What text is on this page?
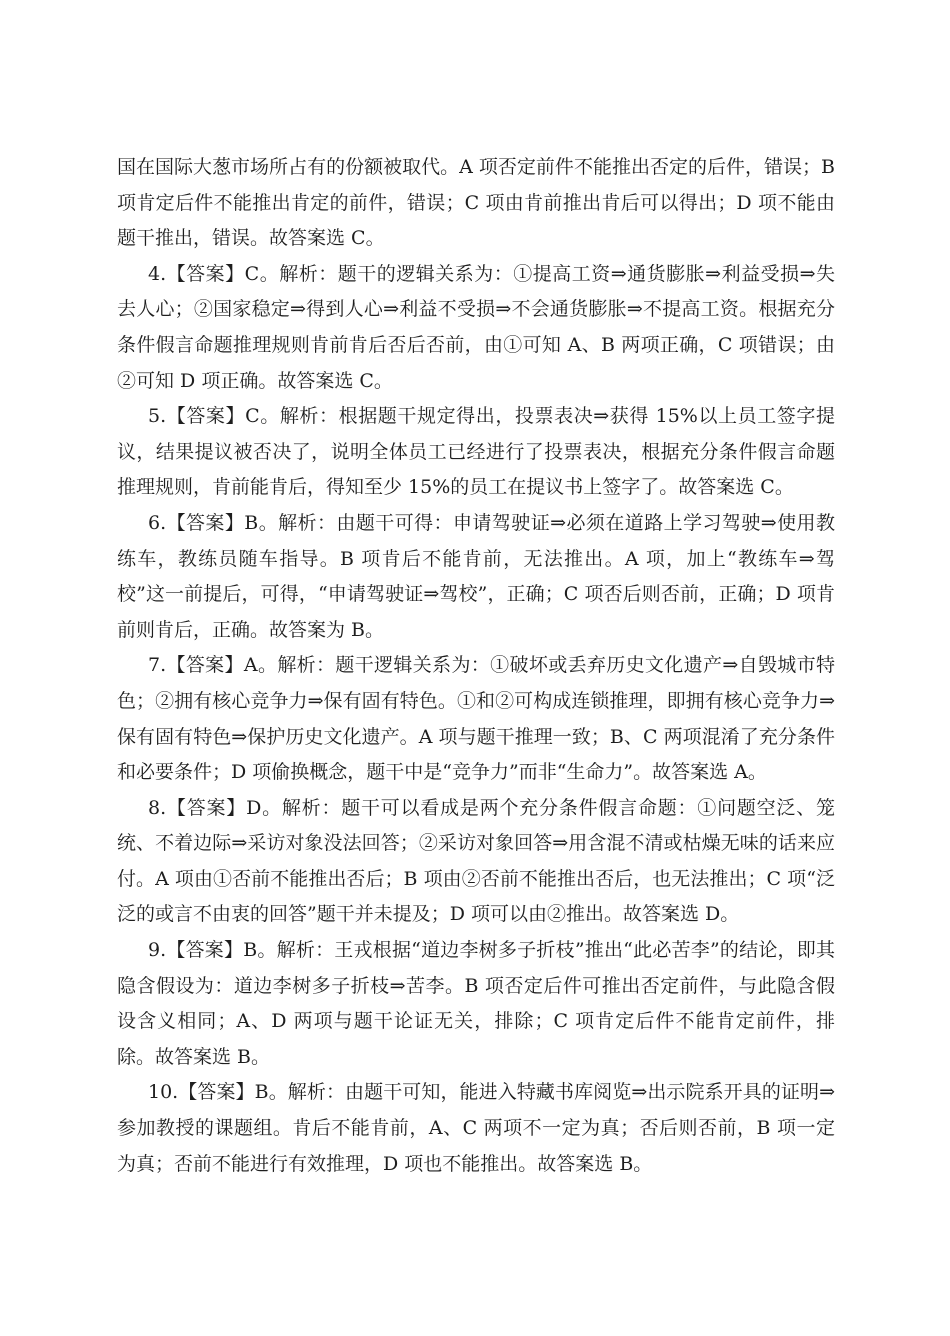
国在国际大葱市场所占有的份额被取代。A 项否定前件不能推出否定的后件，错误；B 项肯定后件不能推出肯定的前件，错误；C 项由肯前推出肯后可以得出；D 项不能由题干推出，错误。故答案选 C。

4.【答案】C。解析：题干的逻辑关系为：①提高工资⇒通货膨胀⇒利益受损⇒失去人心；②国家稳定⇒得到人心⇒利益不受损⇒不会通货膨胀⇒不提高工资。根据充分条件假言命题推理规则肯前肯后否后否前，由①可知 A、B 两项正确，C 项错误；由②可知 D 项正确。故答案选 C。

5.【答案】C。解析：根据题干规定得出，投票表决⇒获得 15%以上员工签字提议，结果提议被否决了，说明全体员工已经进行了投票表决，根据充分条件假言命题推理规则，肯前能肯后，得知至少 15%的员工在提议书上签字了。故答案选 C。

6.【答案】B。解析：由题干可得：申请驾驶证⇒必须在道路上学习驾驶⇒使用教练车，教练员随车指导。B 项肯后不能肯前，无法推出。A 项，加上“教练车⇒驾校”这一前提后，可得，“申请驾驶证⇒驾校”，正确；C 项否后则否前，正确；D 项肯前则肯后，正确。故答案为 B。

7.【答案】A。解析：题干逻辑关系为：①破坏或丢弃历史文化遗产⇒自毁城市特色；②拥有核心竞争力⇒保有固有特色。①和②可构成连锁推理，即拥有核心竞争力⇒保有固有特色⇒保护历史文化遗产。A 项与题干推理一致；B、C 两项混淆了充分条件和必要条件；D 项偷换概念，题干中是“竞争力”而非“生命力”。故答案选 A。

8.【答案】D。解析：题干可以看成是两个充分条件假言命题：①问题空泛、笼统、不着边际⇒采访对象没法回答；②采访对象回答⇒用含混不清或枯燥无味的话来应付。A 项由①否前不能推出否后；B 项由②否前不能推出否后，也无法推出；C 项“泛泛的或言不由衷的回答”题干并未提及；D 项可以由②推出。故答案选 D。

9.【答案】B。解析：王戎根据“道边李树多子折枝”推出“此必苦李”的结论，即其隐含假设为：道边李树多子折枝⇒苦李。B 项否定后件可推出否定前件，与此隐含假设含义相同；A、D 两项与题干论证无关，排除；C 项肯定后件不能肯定前件，排除。故答案选 B。

10.【答案】B。解析：由题干可知，能进入特藏书库阅览⇒出示院系开具的证明⇒参加教授的课题组。肯后不能肯前，A、C 两项不一定为真；否后则否前，B 项一定为真；否前不能进行有效推理，D 项也不能推出。故答案选 B。
